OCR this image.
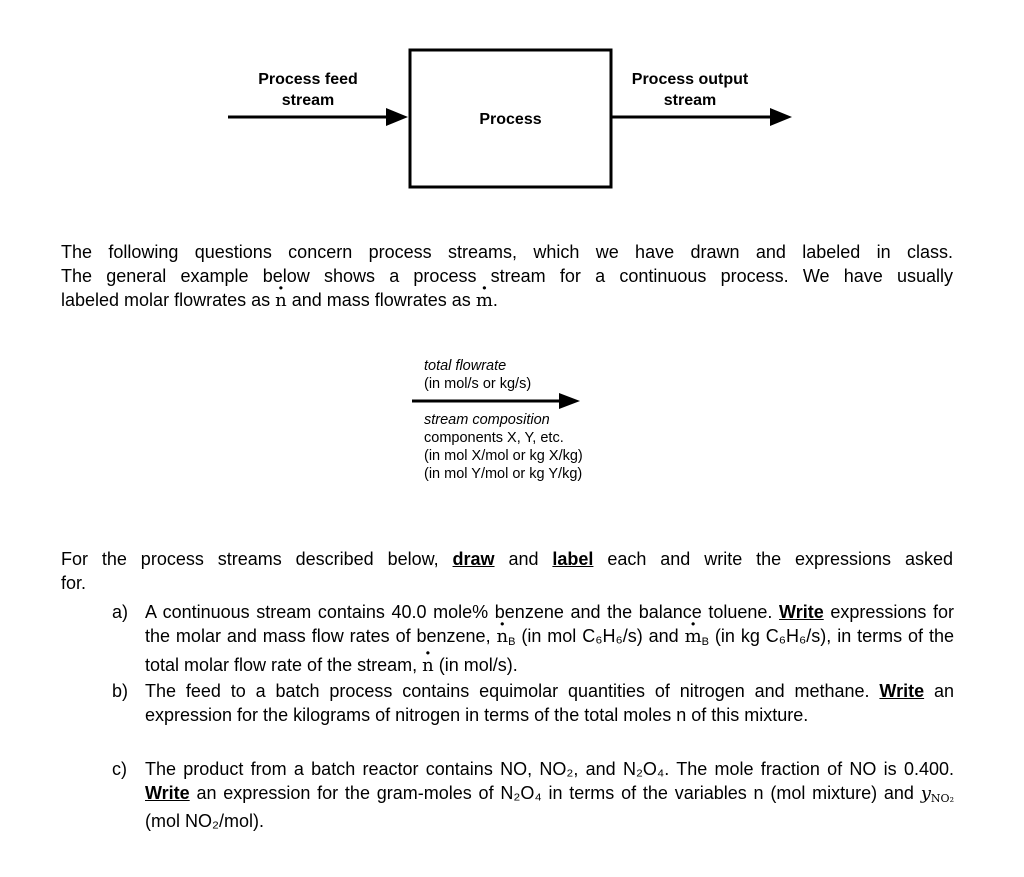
Process feed
stream
Process
Process output
stream
The following questions concern process streams, which we have drawn and labeled in class.
The general example below shows a process stream for a continuous process. We have usually
labeled molar flowrates as · n and mass flowrates as · m.
total flowrate
(in mol/s or kg/s)
stream composition
components X, Y, etc.
(in mol X/mol or kg X/kg)
(in mol Y/mol or kg Y/kg)
For the process streams described below, draw and label each and write the expressions asked
for.
a) A continuous stream contains 40.0 mole% benzene and the balance toluene. Write expressions for the molar and mass flow rates of benzene, · $n_B$ (in mol C₆H₆/s) and · $m_B$ (in kg C₆H₆/s), in terms of the total molar flow rate of the stream, · n (in mol/s).
b) The feed to a batch process contains equimolar quantities of nitrogen and methane. Write an expression for the kilograms of nitrogen in terms of the total moles n of this mixture.
c) The product from a batch reactor contains NO, NO₂, and N₂O₄. The mole fraction of NO is 0.400. Write an expression for the gram-moles of N₂O₄ in terms of the variables n (mol mixture) and $y_{NO_2}$ (mol NO₂/mol).
